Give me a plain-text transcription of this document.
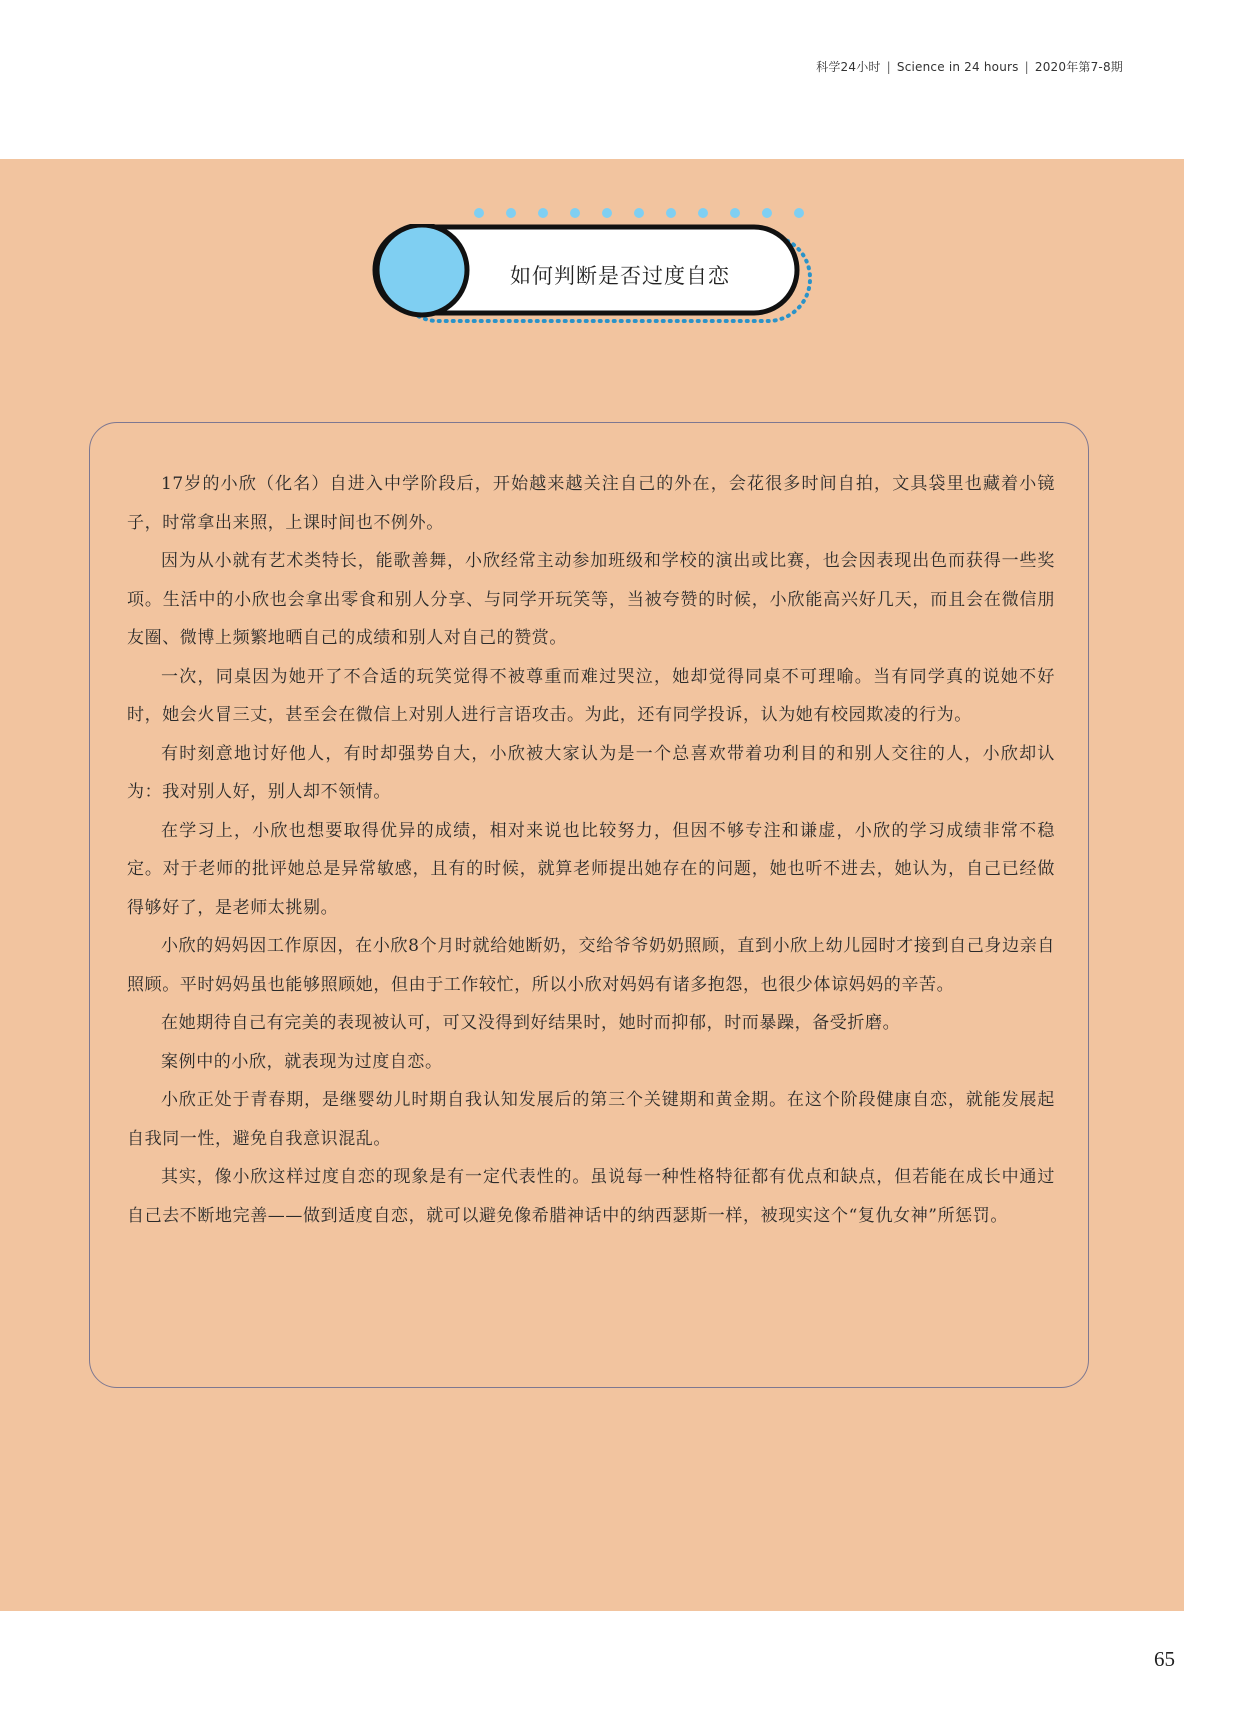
科学24小时 | Science in 24 hours | 2020年第7-8期
如何判断是否过度自恋

17岁的小欣（化名）自进入中学阶段后，开始越来越关注自己的外在，会花很多时间自拍，文具袋里也藏着小镜子，时常拿出来照，上课时间也不例外。

因为从小就有艺术类特长，能歌善舞，小欣经常主动参加班级和学校的演出或比赛，也会因表现出色而获得一些奖项。生活中的小欣也会拿出零食和别人分享、与同学开玩笑等，当被夸赞的时候，小欣能高兴好几天，而且会在微信朋友圈、微博上频繁地晒自己的成绩和别人对自己的赞赏。

一次，同桌因为她开了不合适的玩笑觉得不被尊重而难过哭泣，她却觉得同桌不可理喻。当有同学真的说她不好时，她会火冒三丈，甚至会在微信上对别人进行言语攻击。为此，还有同学投诉，认为她有校园欺凌的行为。

有时刻意地讨好他人，有时却强势自大，小欣被大家认为是一个总喜欢带着功利目的和别人交往的人，小欣却认为：我对别人好，别人却不领情。

在学习上，小欣也想要取得优异的成绩，相对来说也比较努力，但因不够专注和谦虚，小欣的学习成绩非常不稳定。对于老师的批评她总是异常敏感，且有的时候，就算老师提出她存在的问题，她也听不进去，她认为，自己已经做得够好了，是老师太挑剔。

小欣的妈妈因工作原因，在小欣8个月时就给她断奶，交给爷爷奶奶照顾，直到小欣上幼儿园时才接到自己身边亲自照顾。平时妈妈虽也能够照顾她，但由于工作较忙，所以小欣对妈妈有诸多抱怨，也很少体谅妈妈的辛苦。

在她期待自己有完美的表现被认可，可又没得到好结果时，她时而抑郁，时而暴躁，备受折磨。

案例中的小欣，就表现为过度自恋。

小欣正处于青春期，是继婴幼儿时期自我认知发展后的第三个关键期和黄金期。在这个阶段健康自恋，就能发展起自我同一性，避免自我意识混乱。

其实，像小欣这样过度自恋的现象是有一定代表性的。虽说每一种性格特征都有优点和缺点，但若能在成长中通过自己去不断地完善——做到适度自恋，就可以避免像希腊神话中的纳西瑟斯一样，被现实这个“复仇女神”所惩罚。

65
